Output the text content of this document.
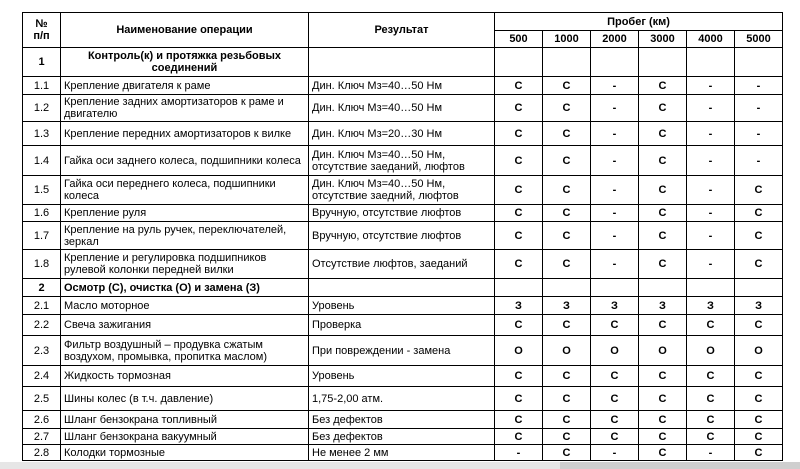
№
п/п	Наименование операции	Результат	Пробег (км)					
			500	1000	2000	3000	4000	5000
1	Контроль(к) и протяжка резьбовых соединений							
1.1	Крепление двигателя к раме	Дин. Ключ Мз=40…50 Нм	С	С	-	С	-	-
1.2	Крепление задних амортизаторов к раме и двигателю	Дин. Ключ Мз=40…50 Нм	С	С	-	С	-	-
1.3	Крепление передних амортизаторов к вилке	Дин. Ключ Мз=20…30 Нм	С	С	-	С	-	-
1.4	Гайка оси заднего колеса, подшипники колеса	Дин. Ключ Мз=40…50 Нм, отсутствие заеданий, люфтов	С	С	-	С	-	-
1.5	Гайка оси переднего колеса, подшипники колеса	Дин. Ключ Мз=40…50 Нм, отсутствие заедний, люфтов	С	С	-	С	-	С
1.6	Крепление руля	Вручную, отсутствие люфтов	С	С	-	С	-	С
1.7	Крепление на руль ручек, переключателей, зеркал	Вручную, отсутствие люфтов	С	С	-	С	-	С
1.8	Крепление и регулировка подшипников рулевой колонки передней вилки	Отсутствие люфтов, заеданий	С	С	-	С	-	С
2	Осмотр (С), очистка (О) и замена (З)							
2.1	Масло моторное	Уровень	З	З	З	З	З	З
2.2	Свеча зажигания	Проверка	С	С	С	С	С	С
2.3	Фильтр воздушный – продувка сжатым воздухом, промывка, пропитка маслом)	При повреждении - замена	О	О	О	О	О	О
2.4	Жидкость тормозная	Уровень	С	С	С	С	С	С
2.5	Шины колес (в т.ч. давление)	1,75-2,00 атм.	С	С	С	С	С	С
2.6	Шланг бензокрана топливный	Без дефектов	С	С	С	С	С	С
2.7	Шланг бензокрана вакуумный	Без дефектов	С	С	С	С	С	С
2.8	Колодки тормозные	Не менее 2 мм	-	С	-	С	-	С
